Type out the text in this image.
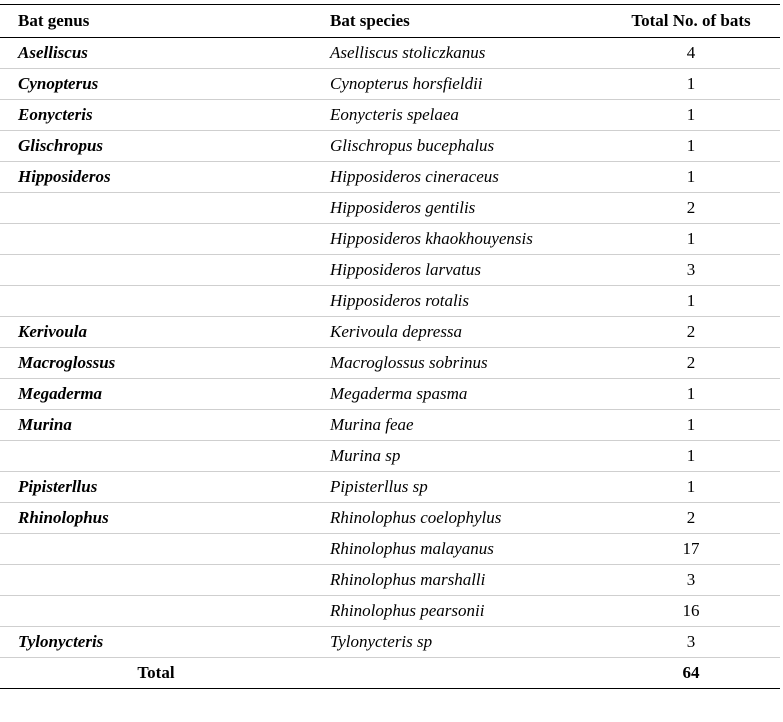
Bat genus	Bat species	Total No. of bats
Aselliscus	Aselliscus stoliczkanus	4
Cynopterus	Cynopterus horsfieldii	1
Eonycteris	Eonycteris spelaea	1
Glischropus	Glischropus bucephalus	1
Hipposideros	Hipposideros cineraceus	1
	Hipposideros gentilis	2
	Hipposideros khaokhouyensis	1
	Hipposideros larvatus	3
	Hipposideros rotalis	1
Kerivoula	Kerivoula depressa	2
Macroglossus	Macroglossus sobrinus	2
Megaderma	Megaderma spasma	1
Murina	Murina feae	1
	Murina sp	1
Pipisterllus	Pipisterllus sp	1
Rhinolophus	Rhinolophus coelophylus	2
	Rhinolophus malayanus	17
	Rhinolophus marshalli	3
	Rhinolophus pearsonii	16
Tylonycteris	Tylonycteris sp	3
Total		64
